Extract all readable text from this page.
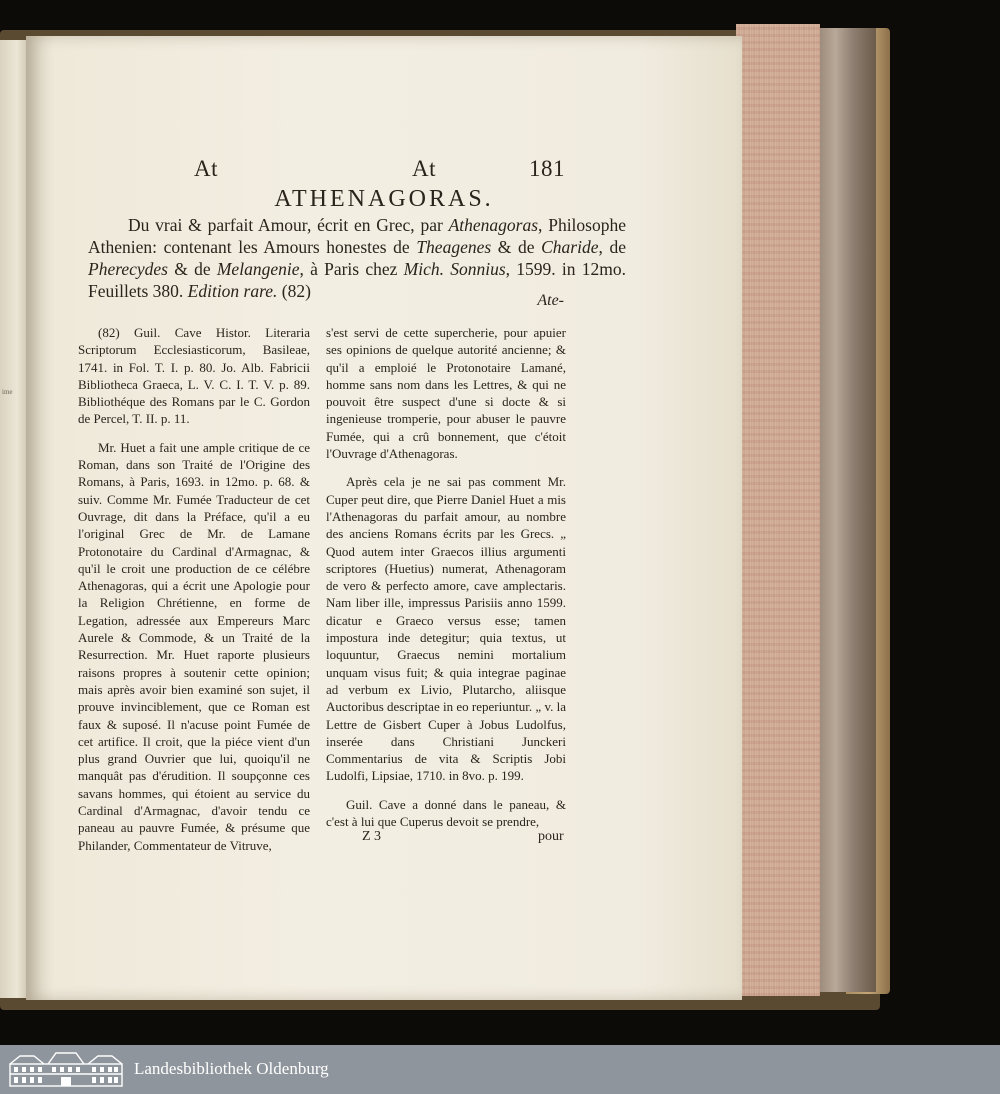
ime
At	At	181
ATHENAGORAS.
Du vrai & parfait Amour, écrit en Grec, par Athenagoras, Philosophe Athenien: contenant les Amours honestes de Theagenes & de Charide, de Pherecydes & de Melangenie, à Paris chez Mich. Sonnius, 1599. in 12mo. Feuillets 380. Edition rare. (82)	Ate-

(82) Guil. Cave Histor. Literaria Scriptorum Ecclesiasticorum, Basileae, 1741. in Fol. T. I. p. 80. Jo. Alb. Fabricii Bibliotheca Graeca, L. V. C. I. T. V. p. 89. Bibliothéque des Romans par le C. Gordon de Percel, T. II. p. 11.

Mr. Huet a fait une ample critique de ce Roman, dans son Traité de l'Origine des Romans, à Paris, 1693. in 12mo. p. 68. & suiv. Comme Mr. Fumée Traducteur de cet Ouvrage, dit dans la Préface, qu'il a eu l'original Grec de Mr. de Lamane Protonotaire du Cardinal d'Armagnac, & qu'il le croit une production de ce célébre Athenagoras, qui a écrit une Apologie pour la Religion Chrétienne, en forme de Legation, adressée aux Empereurs Marc Aurele & Commode, & un Traité de la Resurrection. Mr. Huet raporte plusieurs raisons propres à soutenir cette opinion; mais après avoir bien examiné son sujet, il prouve invinciblement, que ce Roman est faux & suposé. Il n'acuse point Fumée de cet artifice. Il croit, que la piéce vient d'un plus grand Ouvrier que lui, quoiqu'il ne manquât pas d'érudition. Il soupçonne ces savans hommes, qui étoient au service du Cardinal d'Armagnac, d'avoir tendu ce paneau au pauvre Fumée, & présume que Philander, Commentateur de Vitruve,

s'est servi de cette supercherie, pour apuier ses opinions de quelque autorité ancienne; & qu'il a emploié le Protonotaire Lamané, homme sans nom dans les Lettres, & qui ne pouvoit être suspect d'une si docte & si ingenieuse tromperie, pour abuser le pauvre Fumée, qui a crû bonnement, que c'étoit l'Ouvrage d'Athenagoras.

Après cela je ne sai pas comment Mr. Cuper peut dire, que Pierre Daniel Huet a mis l'Athenagoras du parfait amour, au nombre des anciens Romans écrits par les Grecs. „ Quod autem inter Graecos illius argumenti scriptores (Huetius) numerat, Athenagoram de vero & perfecto amore, cave amplectaris. Nam liber ille, impressus Parisiis anno 1599. dicatur e Graeco versus esse; tamen impostura inde detegitur; quia textus, ut loquuntur, Graecus nemini mortalium unquam visus fuit; & quia integrae paginae ad verbum ex Livio, Plutarcho, aliisque Auctoribus descriptae in eo reperiuntur. „ v. la Lettre de Gisbert Cuper à Jobus Ludolfus, inserée dans Christiani Junckeri Commentarius de vita & Scriptis Jobi Ludolfi, Lipsiae, 1710. in 8vo. p. 199.

Guil. Cave a donné dans le paneau, & c'est à lui que Cuperus devoit se prendre,

Z 3	pour
Landesbibliothek Oldenburg
